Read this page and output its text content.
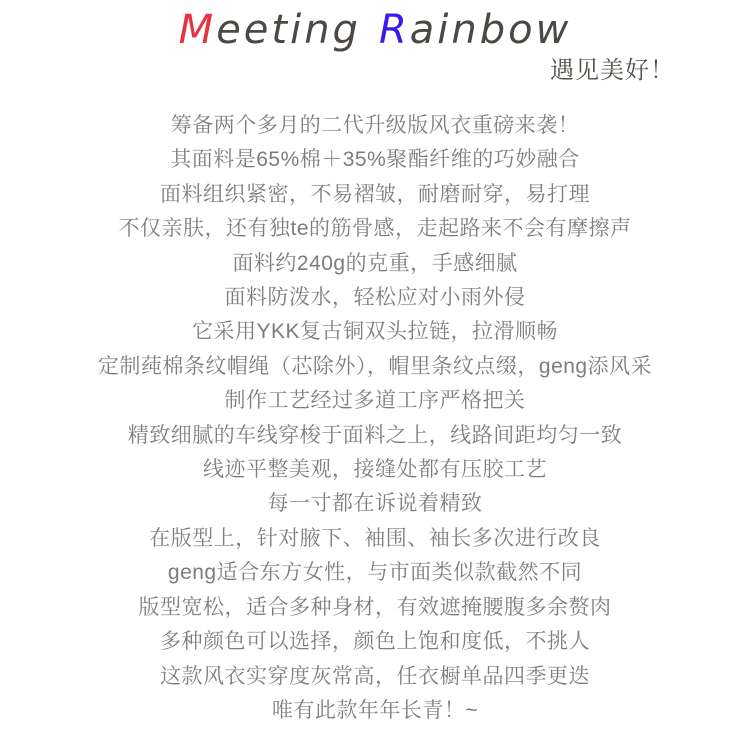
Meeting Rainbow
遇见美好！

筹备两个多月的二代升级版风衣重磅来袭！

其面料是65%棉＋35%聚酯纤维的巧妙融合

面料组织紧密，不易褶皱，耐磨耐穿，易打理

不仅亲肤，还有独te的筋骨感，走起路来不会有摩擦声

面料约240g的克重，手感细腻

面料防泼水，轻松应对小雨外侵

它采用YKK复古铜双头拉链，拉滑顺畅

定制莼棉条纹帽绳（芯除外），帽里条纹点缀，geng添风采

制作工艺经过多道工序严格把关

精致细腻的车线穿梭于面料之上，线路间距均匀一致

线迹平整美观，接缝处都有压胶工艺

每一寸都在诉说着精致

在版型上，针对腋下、袖围、袖长多次进行改良

geng适合东方女性，与市面类似款截然不同

版型宽松，适合多种身材，有效遮掩腰腹多余赘肉

多种颜色可以选择，颜色上饱和度低，不挑人

这款风衣实穿度灰常高，任衣橱单品四季更迭

唯有此款年年长青！~
